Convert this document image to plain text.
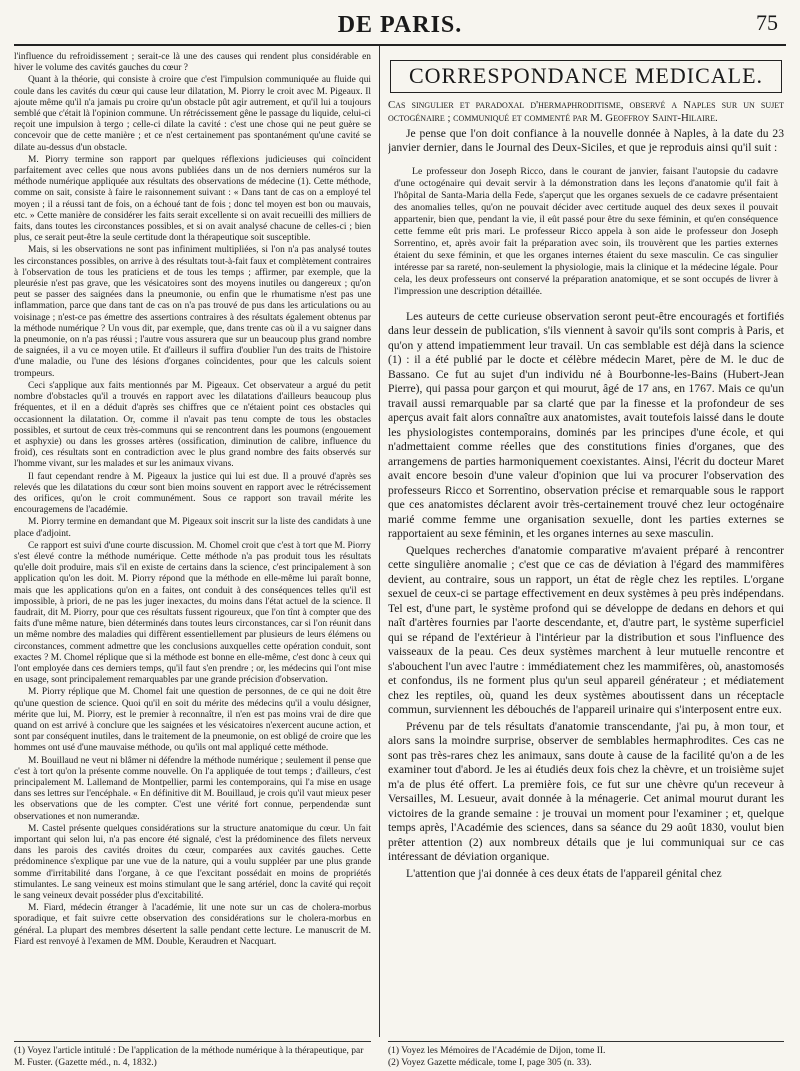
DE PARIS.	75

l'influence du refroidissement ; serait-ce là une des causes qui rendent plus considérable en hiver le volume des cavités gauches du cœur ?

Quant à la théorie, qui consiste à croire que c'est l'impulsion communiquée au fluide qui coule dans les cavités du cœur qui cause leur dilatation, M. Piorry le croit avec M. Pigeaux. Il ajoute même qu'il n'a jamais pu croire qu'un obstacle pût agir autrement, et qu'il lui a toujours semblé que c'était là l'opinion commune. Un rétrécissement gêne le passage du liquide, celui-ci reçoit une impulsion à tergo ; celle-ci dilate la cavité : c'est une chose qui ne peut guère se concevoir que de cette manière ; et ce n'est certainement pas spontanément qu'une cavité se dilate au-dessus d'un obstacle.

M. Piorry termine son rapport par quelques réflexions judicieuses qui coïncident parfaitement avec celles que nous avons publiées dans un de nos derniers numéros sur la méthode numérique appliquée aux résultats des observations de médecine (1). Cette méthode, comme on sait, consiste à faire le raisonnement suivant : « Dans tant de cas on a employé tel moyen ; il a réussi tant de fois, on a échoué tant de fois ; donc tel moyen est bon ou mauvais, etc. » Cette manière de considérer les faits serait excellente si on avait recueilli des milliers de faits, dans toutes les circonstances possibles, et si on avait analysé chacune de celles-ci ; bien plus, ce serait peut-être la seule certitude dont la thérapeutique soit susceptible.

Mais, si les observations ne sont pas infiniment multipliées, si l'on n'a pas analysé toutes les circonstances possibles, on arrive à des résultats tout-à-fait faux et complètement contraires à l'observation de tous les praticiens et de tous les temps ; affirmer, par exemple, que la pleurésie n'est pas grave, que les vésicatoires sont des moyens inutiles ou dangereux ; qu'on peut se passer des saignées dans la pneumonie, ou enfin que le rhumatisme n'est pas une inflammation, parce que dans tant de cas on n'a pas trouvé de pus dans les articulations ou au voisinage ; n'est-ce pas émettre des assertions contraires à des résultats également obtenus par la méthode numérique ? Un vous dit, par exemple, que, dans trente cas où il a vu saigner dans la pneumonie, on n'a pas réussi ; l'autre vous assurera que sur un beaucoup plus grand nombre de saignées, il a vu ce moyen utile. Et d'ailleurs il suffira d'oublier l'un des traits de l'histoire d'une maladie, ou l'une des lésions d'organes coïncidentes, pour que les calculs soient trompeurs.

Ceci s'applique aux faits mentionnés par M. Pigeaux. Cet observateur a argué du petit nombre d'obstacles qu'il a trouvés en rapport avec les dilatations d'ailleurs beaucoup plus fréquentes, et il en a déduit d'après ses chiffres que ce n'étaient point ces obstacles qui occasionnent la dilatation. Or, comme il n'avait pas tenu compte de tous les obstacles possibles, et surtout de ceux très-communs qui se rencontrent dans les poumons (engouement et asphyxie) ou dans les grosses artères (ossification, diminution de calibre, influence du froid), ces résultats sont en contradiction avec le plus grand nombre des faits observés sur l'homme vivant, sur les malades et sur les animaux vivans.

Il faut cependant rendre à M. Pigeaux la justice qui lui est due. Il a prouvé d'après ses relevés que les dilatations du cœur sont bien moins souvent en rapport avec le rétrécissement des orifices, qu'on le croit communément. Sous ce rapport son travail mérite les encouragemens de l'académie.

M. Piorry termine en demandant que M. Pigeaux soit inscrit sur la liste des candidats à une place d'adjoint.

Ce rapport est suivi d'une courte discussion. M. Chomel croit que c'est à tort que M. Piorry s'est élevé contre la méthode numérique. Cette méthode n'a pas produit tous les résultats qu'elle doit produire, mais s'il en existe de certains dans la science, c'est principalement à son application qu'on les doit. M. Piorry répond que la méthode en elle-même lui paraît bonne, mais que les applications qu'on en a faites, ont conduit à des conséquences telles qu'il est impossible, à priori, de ne pas les juger inexactes, du moins dans l'état actuel de la science. Il faudrait, dit M. Piorry, pour que ces résultats fussent rigoureux, que l'on tînt à compter que des faits d'une même nature, bien déterminés dans toutes leurs circonstances, car si l'on réunit dans un même nombre des maladies qui diffèrent essentiellement par plusieurs de leurs élémens ou circonstances, comment admettre que les conclusions auxquelles cette opération conduit, sont exactes ? M. Chomel réplique que si la méthode est bonne en elle-même, c'est donc à ceux qui l'ont employée dans ces derniers temps, qu'il faut s'en prendre ; or, les médecins qui l'ont mise en usage, sont principalement remarquables par une grande précision d'observation.

M. Piorry réplique que M. Chomel fait une question de personnes, de ce qui ne doit être qu'une question de science. Quoi qu'il en soit du mérite des médecins qu'il a voulu désigner, mérite que lui, M. Piorry, est le premier à reconnaître, il n'en est pas moins vrai de dire que quand on est arrivé à conclure que les saignées et les vésicatoires n'exercent aucune action, et sont par conséquent inutiles, dans le traitement de la pneumonie, on est obligé de croire que les hommes ont usé d'une mauvaise méthode, ou qu'ils ont mal appliqué cette méthode.

M. Bouillaud ne veut ni blâmer ni défendre la méthode numérique ; seulement il pense que c'est à tort qu'on la présente comme nouvelle. On l'a appliquée de tout temps ; d'ailleurs, c'est principalement M. Lallemand de Montpellier, parmi les contemporains, qui l'a mise en usage dans ses lettres sur l'encéphale. « En définitive dit M. Bouillaud, je crois qu'il vaut mieux peser les observations que de les compter. C'est une vérité fort connue, perpendendæ sunt observationes et non numerandæ.

M. Castel présente quelques considérations sur la structure anatomique du cœur. Un fait important qui selon lui, n'a pas encore été signalé, c'est la prédominence des filets nerveux dans les parois des cavités droites du cœur, comparées aux cavités gauches. Cette prédominence s'explique par une vue de la nature, qui a voulu suppléer par une plus grande somme d'irritabilité dans l'organe, à ce que l'excitant possédait en moins de propriétés stimulantes. Le sang veineux est moins stimulant que le sang artériel, donc la cavité qui reçoit le sang veineux devait posséder plus d'excitabilité.

M. Fiard, médecin étranger à l'académie, lit une note sur un cas de cholera-morbus sporadique, et fait suivre cette observation des considérations sur le cholera-morbus en général. La plupart des membres désertent la salle pendant cette lecture. Le manuscrit de M. Fiard est renvoyé à l'examen de MM. Double, Keraudren et Nacquart.

CORRESPONDANCE MEDICALE.

Cas singulier et paradoxal d'hermaphroditisme, observé a Naples sur un sujet octogénaire ; communiqué et commenté par M. Geoffroy Saint-Hilaire.

Je pense que l'on doit confiance à la nouvelle donnée à Naples, à la date du 23 janvier dernier, dans le Journal des Deux-Siciles, et que je reproduis ainsi qu'il suit :

Le professeur don Joseph Ricco, dans le courant de janvier, faisant l'autopsie du cadavre d'une octogénaire qui devait servir à la démonstration dans les leçons d'anatomie qu'il fait à l'hôpital de Santa-Maria della Fede, s'aperçut que les organes sexuels de ce cadavre présentaient des anomalies telles, qu'on ne pouvait décider avec certitude auquel des deux sexes il pouvait appartenir, bien que, pendant la vie, il eût passé pour être du sexe féminin, et qu'en conséquence cette femme eût pris mari. Le professeur Ricco appela à son aide le professeur don Joseph Sorrentino, et, après avoir fait la préparation avec soin, ils trouvèrent que les parties externes étaient du sexe féminin, et que les organes internes étaient du sexe masculin. Ce cas singulier intéresse par sa rareté, non-seulement la physiologie, mais la clinique et la médecine légale. Pour cela, les deux professeurs ont conservé la préparation anatomique, et se sont occupés de livrer à l'impression une description détaillée.

Les auteurs de cette curieuse observation seront peut-être encouragés et fortifiés dans leur dessein de publication, s'ils viennent à savoir qu'ils sont compris à Paris, et qu'on y attend impatiemment leur travail. Un cas semblable est déjà dans la science (1) : il a été publié par le docte et célèbre médecin Maret, père de M. le duc de Bassano. Ce fut au sujet d'un individu né à Bourbonne-les-Bains (Hubert-Jean Pierre), qui passa pour garçon et qui mourut, âgé de 17 ans, en 1767. Mais ce qu'un travail aussi remarquable par sa clarté que par la finesse et la profondeur de ses aperçus avait fait alors connaître aux anatomistes, avait toutefois laissé dans le doute les physiologistes contemporains, dominés par les principes d'une école, et qui n'admettaient comme réelles que des constitutions finies d'organes, que des arrangemens de parties harmoniquement coexistantes. Ainsi, l'écrit du docteur Maret avait encore besoin d'une valeur d'opinion que lui va procurer l'observation des professeurs Ricco et Sorrentino, observation précise et remarquable sous le rapport que ces anatomistes déclarent avoir très-certainement trouvé chez leur octogénaire marié comme femme une organisation sexuelle, dont les parties externes se rapportaient au sexe féminin, et les organes internes au sexe masculin.

Quelques recherches d'anatomie comparative m'avaient préparé à rencontrer cette singulière anomalie ; c'est que ce cas de déviation à l'égard des mammifères devient, au contraire, sous un rapport, un état de règle chez les reptiles. L'organe sexuel de ceux-ci se partage effectivement en deux systèmes à peu près indépendans. Tel est, d'une part, le système profond qui se développe de dedans en dehors et qui naît d'artères fournies par l'aorte descendante, et, d'autre part, le système superficiel qui se répand de l'extérieur à l'intérieur par la distribution et sous l'influence des vaisseaux de la peau. Ces deux systèmes marchent à leur mutuelle rencontre et s'abouchent l'un avec l'autre : immédiatement chez les mammifères, où, anastomosés et confondus, ils ne forment plus qu'un seul appareil générateur ; et médiatement chez les reptiles, où, quand les deux systèmes aboutissent dans un réceptacle commun, surviennent les débouchés de l'appareil urinaire qui s'interposent entre eux.

Prévenu par de tels résultats d'anatomie transcendante, j'ai pu, à mon tour, et alors sans la moindre surprise, observer de semblables hermaphrodites. Ces cas ne sont pas très-rares chez les animaux, sans doute à cause de la facilité qu'on a de les examiner tout d'abord. Je les ai étudiés deux fois chez la chèvre, et un troisième sujet m'a de plus été offert. La première fois, ce fut sur une chèvre qu'un receveur à Versailles, M. Lesueur, avait donnée à la ménagerie. Cet animal mourut durant les victoires de la grande semaine : je trouvai un moment pour l'examiner ; et, quelque temps après, l'Académie des sciences, dans sa séance du 29 août 1830, voulut bien prêter attention (2) aux nombreux détails que je lui communiquai sur ce cas intéressant de déviation organique.

L'attention que j'ai donnée à ces deux états de l'appareil génital chez

(1) Voyez l'article intitulé : De l'application de la méthode numérique à la thérapeutique, par M. Fuster. (Gazette méd., n. 4, 1832.)
(1) Voyez les Mémoires de l'Académie de Dijon, tome II.
(2) Voyez Gazette médicale, tome I, page 305 (n. 33).
